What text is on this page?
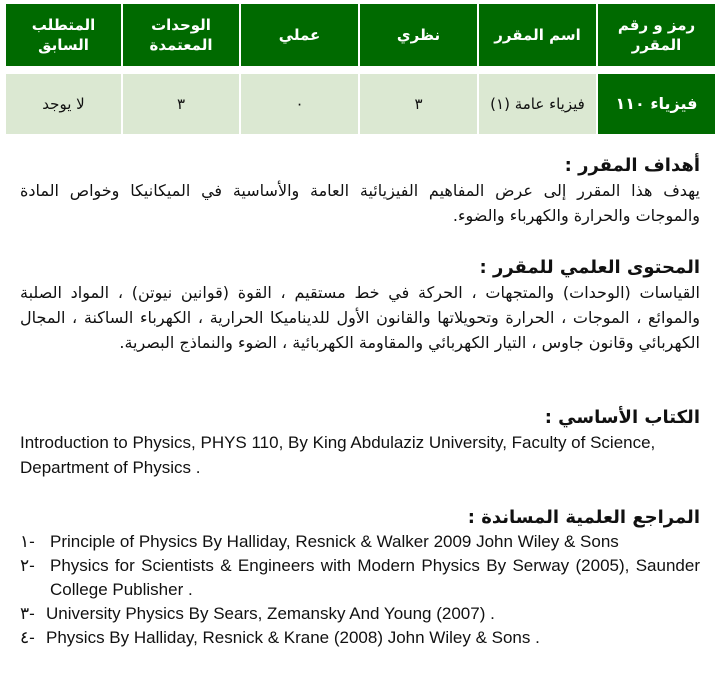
رمز و رقم المقرر	اسم المقرر	نظري	عملي	الوحدات المعتمدة	المتطلب السابق

فيزياء ١١٠	فيزياء عامة (١)	٣	٠	٣	لا يوجد

أهداف المقرر :

يهدف هذا المقرر إلى عرض المفاهيم الفيزيائية العامة والأساسية في الميكانيكا وخواص المادة والموجات والحرارة والكهرباء والضوء.

المحتوى العلمي للمقرر :

القياسات (الوحدات) والمتجهات ، الحركة في خط مستقيم ، القوة (قوانين نيوتن) ، المواد الصلبة والموائع ، الموجات ، الحرارة وتحويلاتها والقانون الأول للديناميكا الحرارية ، الكهرباء الساكنة ، المجال الكهربائي وقانون جاوس ، التيار الكهربائي والمقاومة الكهربائية ، الضوء والنماذج البصرية.

الكتاب الأساسي :

Introduction to Physics, PHYS 110, By King Abdulaziz University, Faculty of Science, Department of Physics .

المراجع العلمية المساندة :

١- Principle of Physics By Halliday, Resnick & Walker 2009 John Wiley & Sons
٢- Physics for Scientists & Engineers with Modern Physics By Serway (2005), Saunder College Publisher .
٣- University Physics By Sears, Zemansky And Young (2007) .
٤- Physics By Halliday, Resnick & Krane (2008) John Wiley & Sons .
